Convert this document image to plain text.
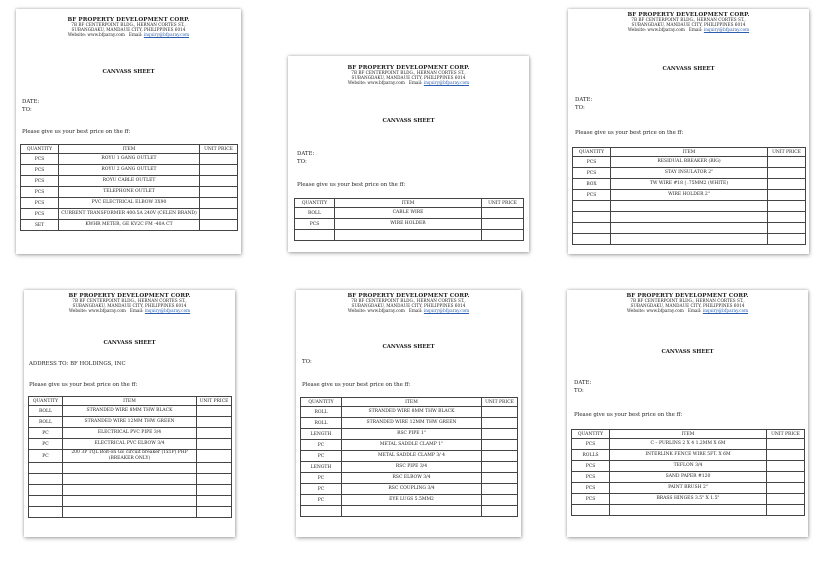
BF PROPERTY DEVELOPMENT CORP.
7B BF CENTERPOINT BLDG., HERNAN CORTES ST.,
SUBANGDAKU, MANDAUE CITY, PHILIPPINES 6014
Website: www.bfparay.com Email: inquiry@bfparay.com
CANVASS SHEET
DATE:
TO:
Please give us your best price on the ff:
QUANTITY	ITEM	UNIT PRICE
PCS	ROYU 1 GANG OUTLET	
PCS	ROYU 2 GANG OUTLET	
PCS	ROYU CABLE OUTLET	
PCS	TELEPHONE OUTLET	
PCS	PVC ELECTRICAL ELBOW 3X90	
PCS	CURRENT TRANSFORMER 400:5A 240V (CELEN BRAND)	
SET	KWHR METER, GE KV2C FM -40A CT	
BF PROPERTY DEVELOPMENT CORP.
7B BF CENTERPOINT BLDG., HERNAN CORTES ST.,
SUBANGDAKU, MANDAUE CITY, PHILIPPINES 6014
Website: www.bfparay.com Email: inquiry@bfparay.com
CANVASS SHEET
DATE:
TO:
Please give us your best price on the ff:
QUANTITY	ITEM	UNIT PRICE
ROLL	CABLE WIRE	
PCS	WIRE HOLDER	

BF PROPERTY DEVELOPMENT CORP.
7B BF CENTERPOINT BLDG., HERNAN CORTES ST.,
SUBANGDAKU, MANDAUE CITY, PHILIPPINES 6014
Website: www.bfparay.com Email: inquiry@bfparay.com
CANVASS SHEET
DATE:
TO:
Please give us your best price on the ff:
QUANTITY	ITEM	UNIT PRICE
PCS	RESIDUAL BREAKER (BIG)	
PCS	STAY INSULATOR 2"	
BOX	TW WIRE #18 | .75MM2 (WHITE)	
PCS	WIRE HOLDER 2"	

BF PROPERTY DEVELOPMENT CORP.
7B BF CENTERPOINT BLDG., HERNAN CORTES ST.,
SUBANGDAKU, MANDAUE CITY, PHILIPPINES 6014
Website: www.bfparay.com Email: inquiry@bfparay.com
CANVASS SHEET
ADDRESS TO: BF HOLDINGS, INC
Please give us your best price on the ff:
QUANTITY	ITEM	UNIT PRICE
ROLL	STRANDED WIRE 8MM THW BLACK	
ROLL	STRANDED WIRE 12MM THW GREEN	
PC	ELECTRICAL PVC PIPE 3/4	
PC	ELECTRICAL PVC ELBOW 3/4	
PC	200 3P TQL Bolt-on GE circuit breaker (1x1P) PHP (BREAKER ONLY)	

BF PROPERTY DEVELOPMENT CORP.
7B BF CENTERPOINT BLDG., HERNAN CORTES ST.,
SUBANGDAKU, MANDAUE CITY, PHILIPPINES 6014
Website: www.bfparay.com Email: inquiry@bfparay.com
CANVASS SHEET
TO:
Please give us your best price on the ff:
QUANTITY	ITEM	UNIT PRICE
ROLL	STRANDED WIRE 8MM THW BLACK	
ROLL	STRANDED WIRE 12MM THW GREEN	
LENGTH	RSC PIPE 1"	
PC	METAL SADDLE CLAMP 1"	
PC	METAL SADDLE CLAMP 3/ 4	
LENGTH	RSC PIPE 3/4	
PC	RSC ELBOW 3/4	
PC	RSC COUPLING 3/4	
PC	EYE LUGS 5.5MM2	

BF PROPERTY DEVELOPMENT CORP.
7B BF CENTERPOINT BLDG., HERNAN CORTES ST.,
SUBANGDAKU, MANDAUE CITY, PHILIPPINES 6014
Website: www.bfparay.com Email: inquiry@bfparay.com
CANVASS SHEET
DATE:
TO:
Please give us your best price on the ff:
QUANTITY	ITEM	UNIT PRICE
PCS	C – PURLINS 2 X 4 1.2MM X 6M	
ROLLS	INTERLINK FENCE WIRE 5FT. X 6M	
PCS	TEFLON 3/4	
PCS	SAND PAPER #120	
PCS	PAINT BRUSH 2"	
PCS	BRASS HINGES 3.5" X 1.5"	
